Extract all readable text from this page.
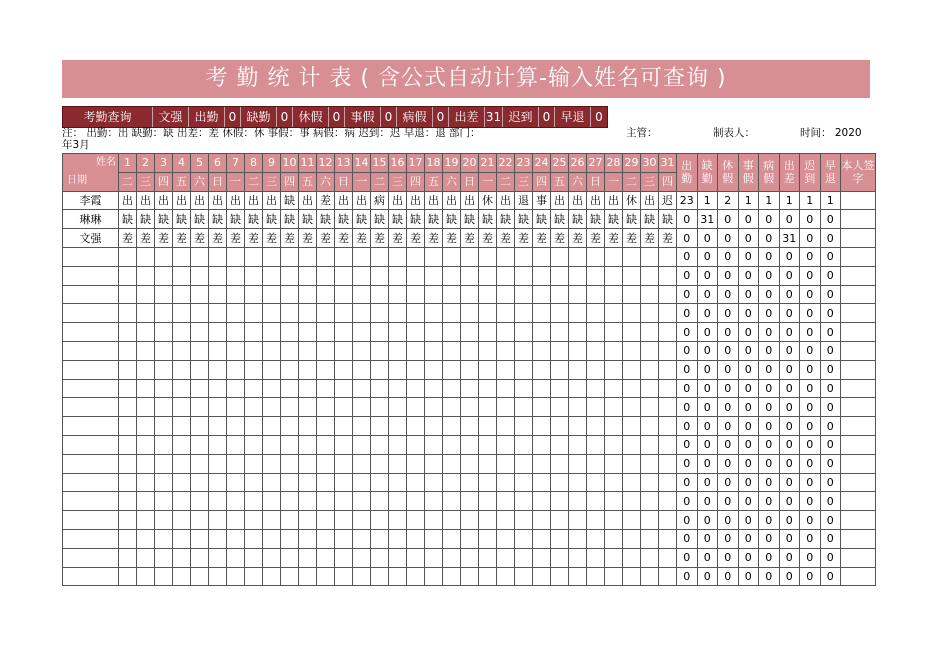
考 勤 统 计 表 ( 含公式自动计算-输入姓名可查询 )
考勤查询	文强 出勤 0 缺勤 0 休假 0 事假 0 病假 0 出差 31 迟到 0 早退 0
注： 出勤：出 缺勤：缺 出差：差 休假：休 事假：事 病假：病 迟到：迟 早退：退 部门：	主管：	制表人：	时间： 2020
年3月
姓名
日期	1	2	3	4	5	6	7	8	9	10	11	12	13	14	15	16	17	18	19	20	21	22	23	24	25	26	27	28	29	30	31	出勤	缺勤	休假	事假	病假	出差	迟到	早退	本人签字
	二	三	四	五	六	日	一	二	三	四	五	六	日	一	二	三	四	五	六	日	一	二	三	四	五	六	日	一	二	三	四									
李霞	出	出	出	出	出	出	出	出	出	缺	出	差	出	出	病	出	出	出	出	出	休	出	退	事	出	出	出	出	休	出	迟	23	1	2	1	1	1	1	1	
琳琳	缺	缺	缺	缺	缺	缺	缺	缺	缺	缺	缺	缺	缺	缺	缺	缺	缺	缺	缺	缺	缺	缺	缺	缺	缺	缺	缺	缺	缺	缺	缺	0	31	0	0	0	0	0	0	
文强	差	差	差	差	差	差	差	差	差	差	差	差	差	差	差	差	差	差	差	差	差	差	差	差	差	差	差	差	差	差	差	0	0	0	0	0	31	0	0	
																																0	0	0	0	0	0	0	0	
																																0	0	0	0	0	0	0	0	
																																0	0	0	0	0	0	0	0	
																																0	0	0	0	0	0	0	0	
																																0	0	0	0	0	0	0	0	
																																0	0	0	0	0	0	0	0	
																																0	0	0	0	0	0	0	0	
																																0	0	0	0	0	0	0	0	
																																0	0	0	0	0	0	0	0	
																																0	0	0	0	0	0	0	0	
																																0	0	0	0	0	0	0	0	
																																0	0	0	0	0	0	0	0	
																																0	0	0	0	0	0	0	0	
																																0	0	0	0	0	0	0	0	
																																0	0	0	0	0	0	0	0	
																																0	0	0	0	0	0	0	0	
																																0	0	0	0	0	0	0	0	
																																0	0	0	0	0	0	0	0	
